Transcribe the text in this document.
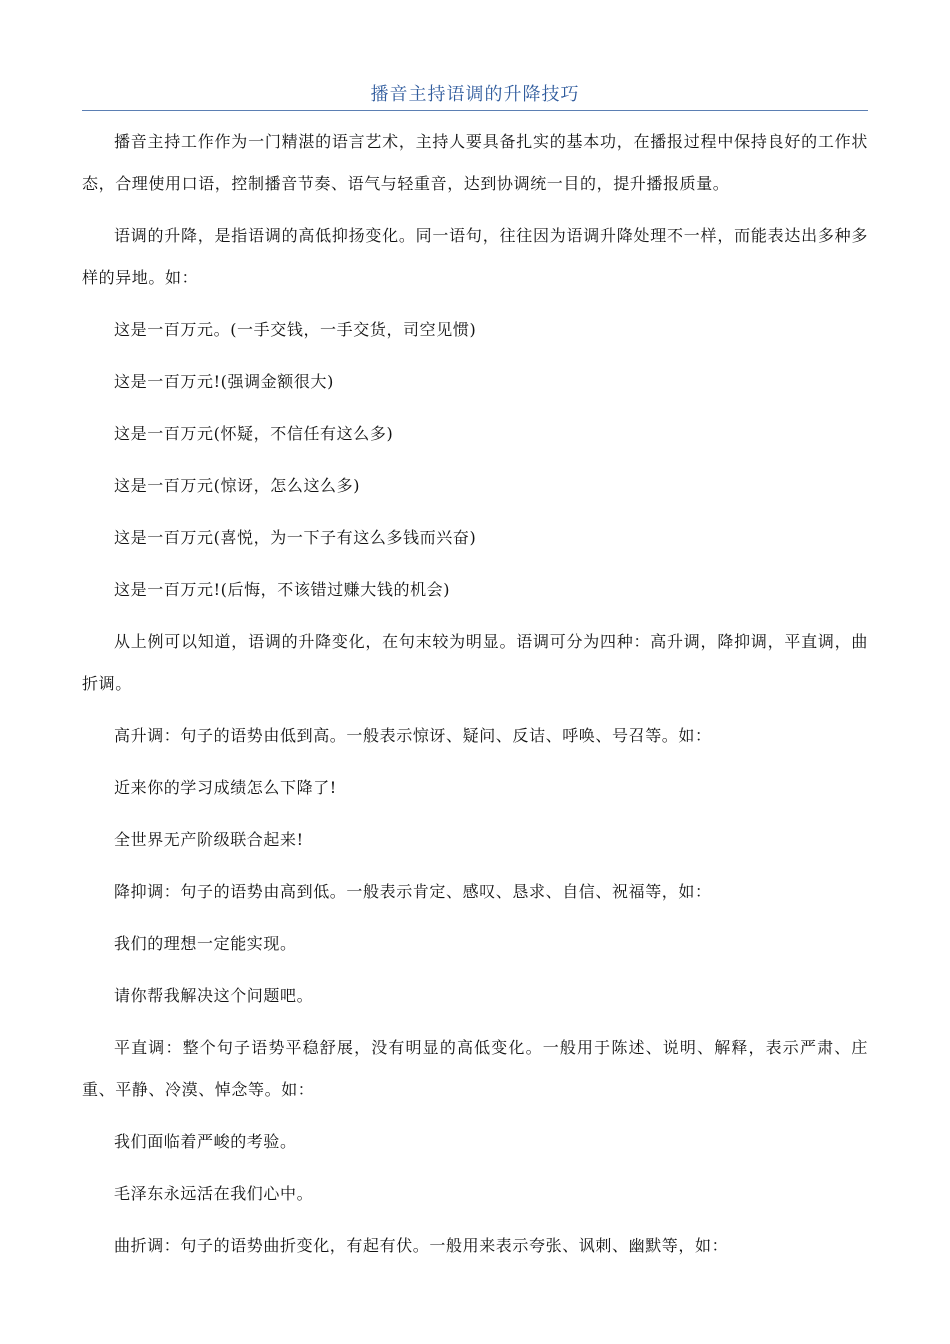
播音主持语调的升降技巧

播音主持工作作为一门精湛的语言艺术，主持人要具备扎实的基本功，在播报过程中保持良好的工作状态，合理使用口语，控制播音节奏、语气与轻重音，达到协调统一目的，提升播报质量。

语调的升降，是指语调的高低抑扬变化。同一语句，往往因为语调升降处理不一样，而能表达出多种多样的异地。如：

这是一百万元。(一手交钱，一手交货，司空见惯)

这是一百万元!(强调金额很大)

这是一百万元(怀疑，不信任有这么多)

这是一百万元(惊讶，怎么这么多)

这是一百万元(喜悦，为一下子有这么多钱而兴奋)

这是一百万元!(后悔，不该错过赚大钱的机会)

从上例可以知道，语调的升降变化，在句末较为明显。语调可分为四种：高升调，降抑调，平直调，曲折调。

高升调：句子的语势由低到高。一般表示惊讶、疑问、反诘、呼唤、号召等。如：

近来你的学习成绩怎么下降了!

全世界无产阶级联合起来!

降抑调：句子的语势由高到低。一般表示肯定、感叹、恳求、自信、祝福等，如：

我们的理想一定能实现。

请你帮我解决这个问题吧。

平直调：整个句子语势平稳舒展，没有明显的高低变化。一般用于陈述、说明、解释，表示严肃、庄重、平静、冷漠、悼念等。如：

我们面临着严峻的考验。

毛泽东永远活在我们心中。

曲折调：句子的语势曲折变化，有起有伏。一般用来表示夸张、讽刺、幽默等，如：
